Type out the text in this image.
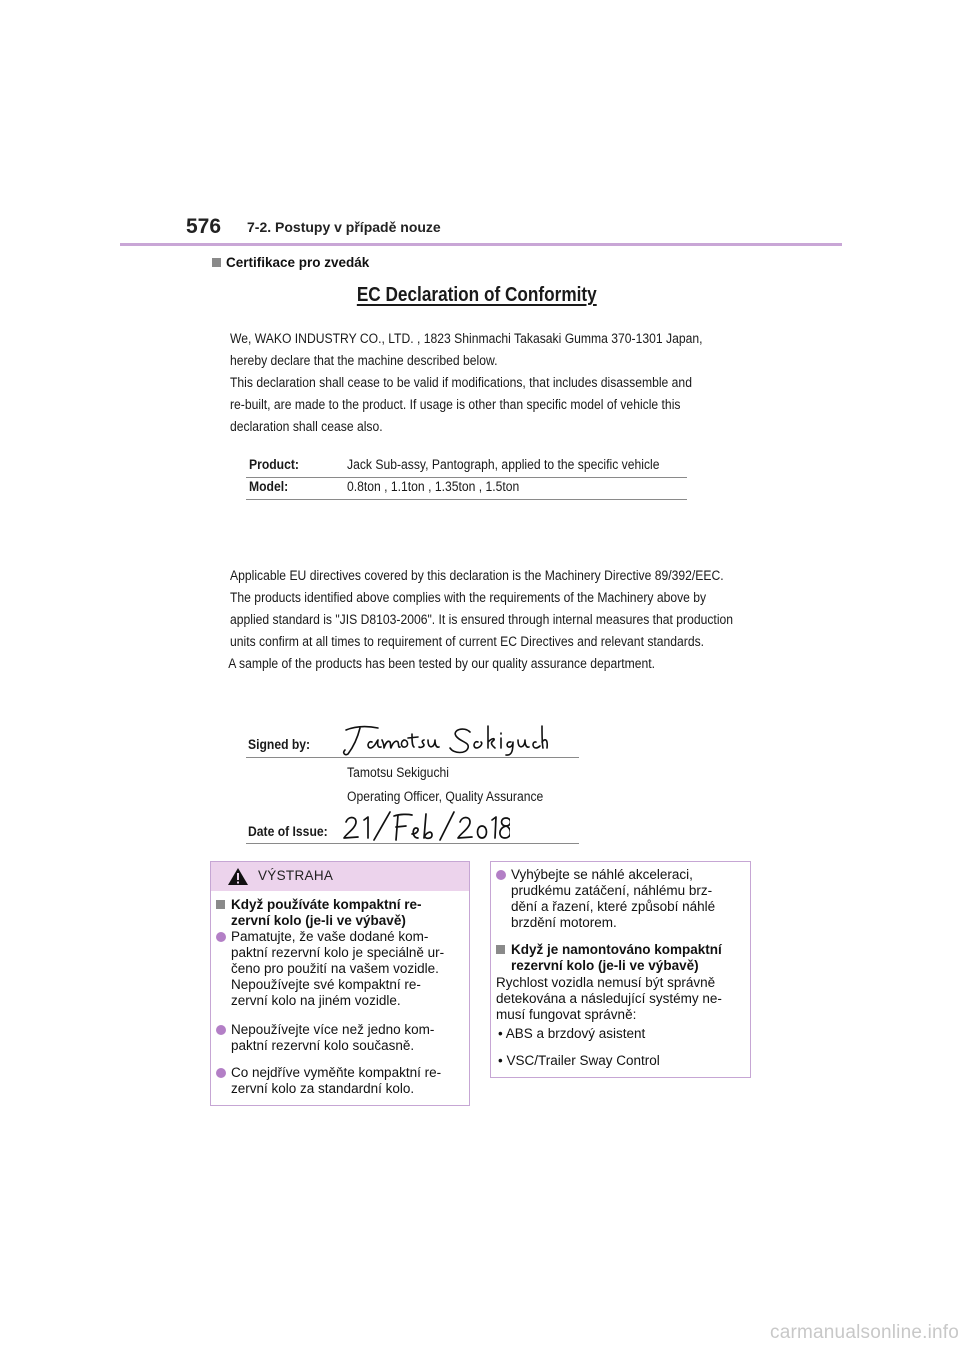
576 7-2. Postupy v případě nouze
Certifikace pro zvedák
EC Declaration of Conformity
We, WAKO INDUSTRY CO., LTD. , 1823 Shinmachi Takasaki Gumma 370-1301 Japan,
hereby declare that the machine described below.
This declaration shall cease to be valid if modifications, that includes disassemble and
re-built, are made to the product. If usage is other than specific model of vehicle this
declaration shall cease also.
Product:	Jack Sub-assy, Pantograph, applied to the specific vehicle
Model:	0.8ton , 1.1ton , 1.35ton , 1.5ton
Applicable EU directives covered by this declaration is the Machinery Directive 89/392/EEC.
The products identified above complies with the requirements of the Machinery above by
applied standard is "JIS D8103-2006". It is ensured through internal measures that production
units confirm at all times to requirement of current EC Directives and relevant standards.
A sample of the products has been tested by our quality assurance department.
Signed by:
Tamotsu Sekiguchi
Operating Officer, Quality Assurance
Date of Issue:
VÝSTRAHA
Když používáte kompaktní re-
zervní kolo (je-li ve výbavě)
Pamatujte, že vaše dodané kom-
paktní rezervní kolo je speciálně ur-
čeno pro použití na vašem vozidle.
Nepoužívejte své kompaktní re-
zervní kolo na jiném vozidle.
Nepoužívejte více než jedno kom-
paktní rezervní kolo současně.
Co nejdříve vyměňte kompaktní re-
zervní kolo za standardní kolo.
Vyhýbejte se náhlé akceleraci,
prudkému zatáčení, náhlému brz-
dění a řazení, které způsobí náhlé
brzdění motorem.
Když je namontováno kompaktní
rezervní kolo (je-li ve výbavě)
Rychlost vozidla nemusí být správně
detekována a následující systémy ne-
musí fungovat správně:
• ABS a brzdový asistent
• VSC/Trailer Sway Control
carmanualsonline.info
